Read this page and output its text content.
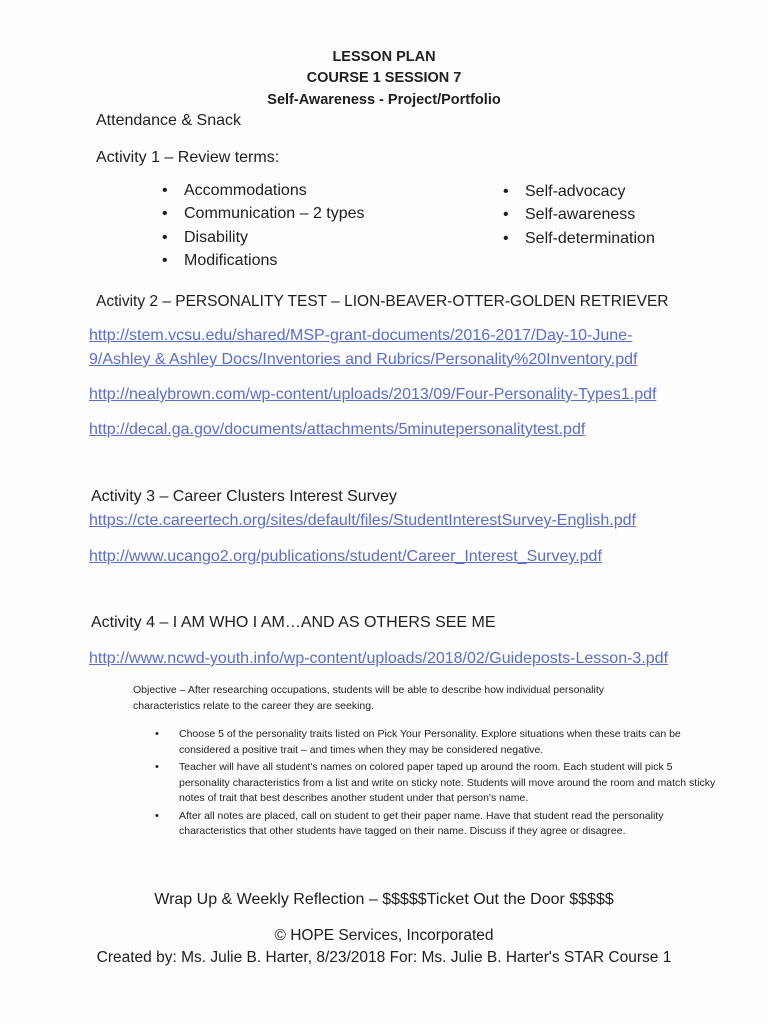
LESSON PLAN
COURSE 1 SESSION 7
Self-Awareness - Project/Portfolio
Attendance & Snack
Activity 1 – Review terms:
• Accommodations
• Communication – 2 types
• Disability
• Modifications
• Self-advocacy
• Self-awareness
• Self-determination
Activity 2 – PERSONALITY TEST – LION-BEAVER-OTTER-GOLDEN RETRIEVER
http://stem.vcsu.edu/shared/MSP-grant-documents/2016-2017/Day-10-June-
9/Ashley & Ashley Docs/Inventories and Rubrics/Personality%20Inventory.pdf
http://nealybrown.com/wp-content/uploads/2013/09/Four-Personality-Types1.pdf
http://decal.ga.gov/documents/attachments/5minutepersonalitytest.pdf
Activity 3 – Career Clusters Interest Survey
https://cte.careertech.org/sites/default/files/StudentInterestSurvey-English.pdf
http://www.ucango2.org/publications/student/Career_Interest_Survey.pdf
Activity 4 – I AM WHO I AM…AND AS OTHERS SEE ME
http://www.ncwd-youth.info/wp-content/uploads/2018/02/Guideposts-Lesson-3.pdf
Objective – After researching occupations, students will be able to describe how individual personality
characteristics relate to the career they are seeking.
• Choose 5 of the personality traits listed on Pick Your Personality. Explore situations when these traits can be considered a positive trait – and times when they may be considered negative.
• Teacher will have all student's names on colored paper taped up around the room. Each student will pick 5 personality characteristics from a list and write on sticky note. Students will move around the room and match sticky notes of trait that best describes another student under that person's name.
• After all notes are placed, call on student to get their paper name. Have that student read the personality characteristics that other students have tagged on their name. Discuss if they agree or disagree.
Wrap Up & Weekly Reflection – $$$$$Ticket Out the Door $$$$$
© HOPE Services, Incorporated
Created by: Ms. Julie B. Harter, 8/23/2018 For: Ms. Julie B. Harter's STAR Course 1
